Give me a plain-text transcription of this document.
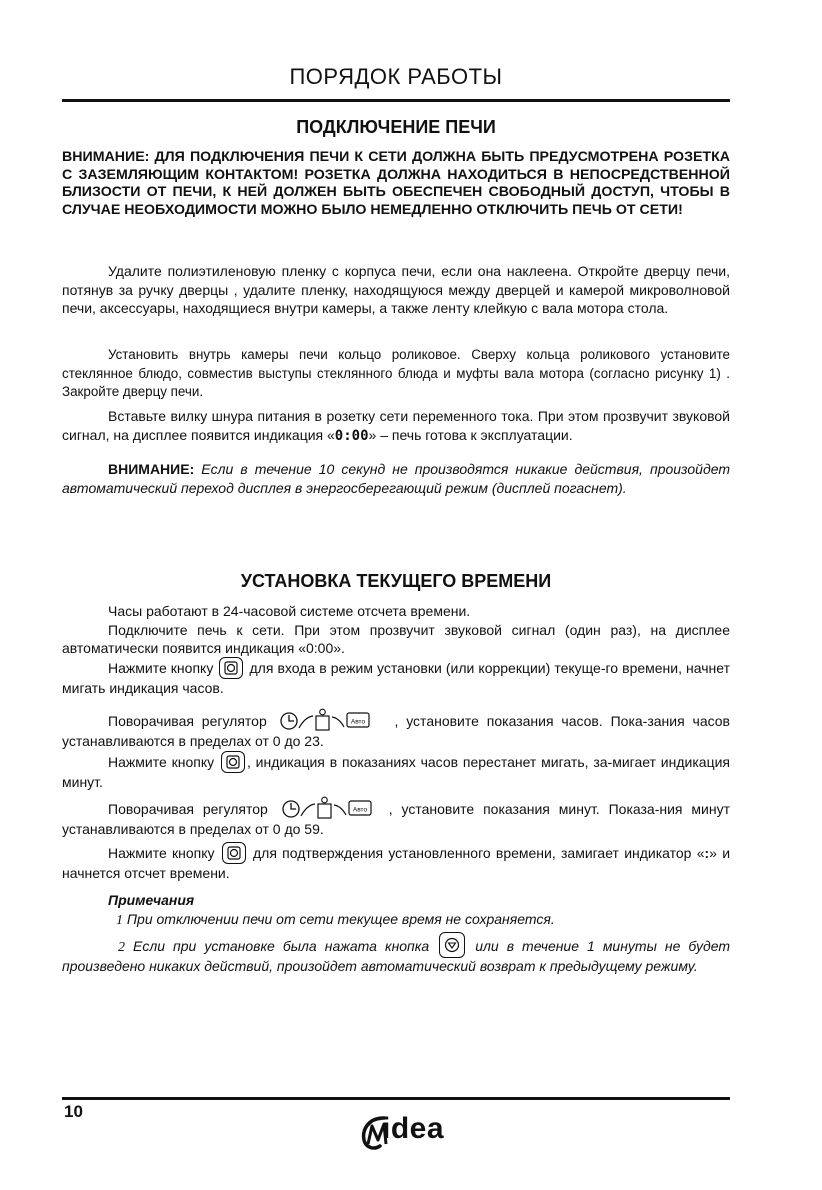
ПОРЯДОК РАБОТЫ
ПОДКЛЮЧЕНИЕ ПЕЧИ
ВНИМАНИЕ: ДЛЯ ПОДКЛЮЧЕНИЯ ПЕЧИ К СЕТИ ДОЛЖНА БЫТЬ ПРЕДУСМОТРЕНА РОЗЕТКА С ЗАЗЕМЛЯЮЩИМ КОНТАКТОМ! РОЗЕТКА ДОЛЖНА НАХОДИТЬСЯ В НЕПОСРЕДСТВЕННОЙ БЛИЗОСТИ ОТ ПЕЧИ, К НЕЙ ДОЛЖЕН БЫТЬ ОБЕСПЕЧЕН СВОБОДНЫЙ ДОСТУП, ЧТОБЫ В СЛУЧАЕ НЕОБХОДИМОСТИ МОЖНО БЫЛО НЕМЕДЛЕННО ОТКЛЮЧИТЬ ПЕЧЬ ОТ СЕТИ!
Удалите полиэтиленовую пленку с корпуса печи, если она наклеена. Откройте дверцу печи, потянув за ручку дверцы , удалите пленку, находящуюся между дверцей и камерой микроволновой печи, аксессуары, находящиеся внутри камеры, а также ленту клейкую с вала мотора стола.
Установить внутрь камеры печи кольцо роликовое. Сверху кольца роликового установите стеклянное блюдо, совместив выступы стеклянного блюда и муфты вала мотора (согласно рисунку 1) . Закройте дверцу печи.
Вставьте вилку шнура питания в розетку сети переменного тока. При этом прозвучит звуковой сигнал, на дисплее появится индикация «0:00» – печь готова к эксплуатации.
ВНИМАНИЕ: Если в течение 10 секунд не производятся никакие действия, произойдет автоматический переход дисплея в энергосберегающий режим (дисплей погаснет).
УСТАНОВКА ТЕКУЩЕГО ВРЕМЕНИ
Часы работают в 24-часовой системе отсчета времени.
Подключите печь к сети. При этом прозвучит звуковой сигнал (один раз), на дисплее автоматически появится индикация «0:00».
Нажмите кнопку	для входа в режим установки (или коррекции) текуще-го времени, начнет мигать индикация часов.
Поворачивая регулятор	Авто , установите показания часов. Пока-зания часов устанавливаются в пределах от 0 до 23.
Нажмите кнопку , индикация в показаниях часов перестанет мигать, за-мигает индикация минут.
Поворачивая регулятор	Авто , установите показания минут. Показа-ния минут устанавливаются в пределах от 0 до 59.
Нажмите кнопку	для подтверждения установленного времени, замигает индикатор «:» и начнется отсчет времени.
Примечания
1 При отключении печи от сети текущее время не сохраняется.
2 Если при установке была нажата кнопка	или в течение 1 минуты не будет произведено никаких действий, произойдет автоматический возврат к предыдущему режиму.
10
idea
